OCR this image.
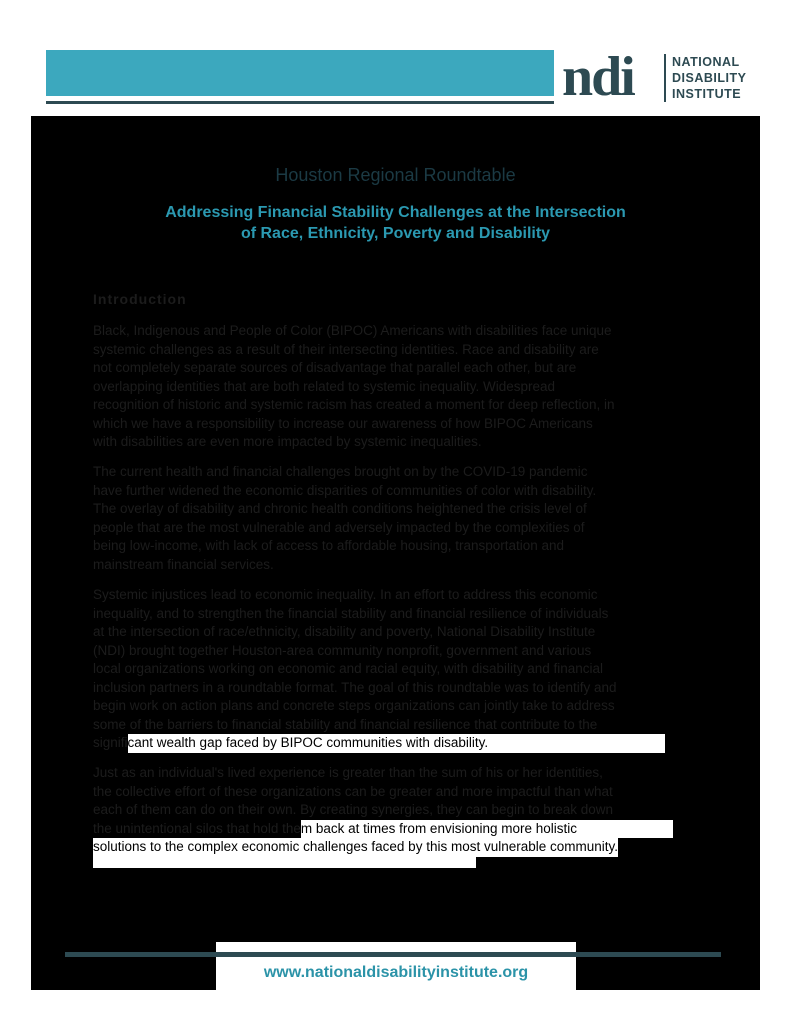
ndi	NATIONAL
DISABILITY
INSTITUTE
Houston Regional Roundtable
Addressing Financial Stability Challenges at the Intersection
of Race, Ethnicity, Poverty and Disability
Introduction
Black, Indigenous and People of Color (BIPOC) Americans with disabilities face unique
systemic challenges as a result of their intersecting identities. Race and disability are
not completely separate sources of disadvantage that parallel each other, but are
overlapping identities that are both related to systemic inequality. Widespread
recognition of historic and systemic racism has created a moment for deep reflection, in
which we have a responsibility to increase our awareness of how BIPOC Americans
with disabilities are even more impacted by systemic inequalities.
The current health and financial challenges brought on by the COVID-19 pandemic
have further widened the economic disparities of communities of color with disability.
The overlay of disability and chronic health conditions heightened the crisis level of
people that are the most vulnerable and adversely impacted by the complexities of
being low-income, with lack of access to affordable housing, transportation and
mainstream financial services.
Systemic injustices lead to economic inequality. In an effort to address this economic
inequality, and to strengthen the financial stability and financial resilience of individuals
at the intersection of race/ethnicity, disability and poverty, National Disability Institute
(NDI) brought together Houston-area community nonprofit, government and various
local organizations working on economic and racial equity, with disability and financial
inclusion partners in a roundtable format. The goal of this roundtable was to identify and
begin work on action plans and concrete steps organizations can jointly take to address
some of the barriers to financial stability and financial resilience that contribute to the
significant wealth gap faced by BIPOC communities with disability.
Just as an individual's lived experience is greater than the sum of his or her identities,
the collective effort of these organizations can be greater and more impactful than what
each of them can do on their own. By creating synergies, they can begin to break down
the unintentional silos that hold them back at times from envisioning more holistic
solutions to the complex economic challenges faced by this most vulnerable community.
www.nationaldisabilityinstitute.org
